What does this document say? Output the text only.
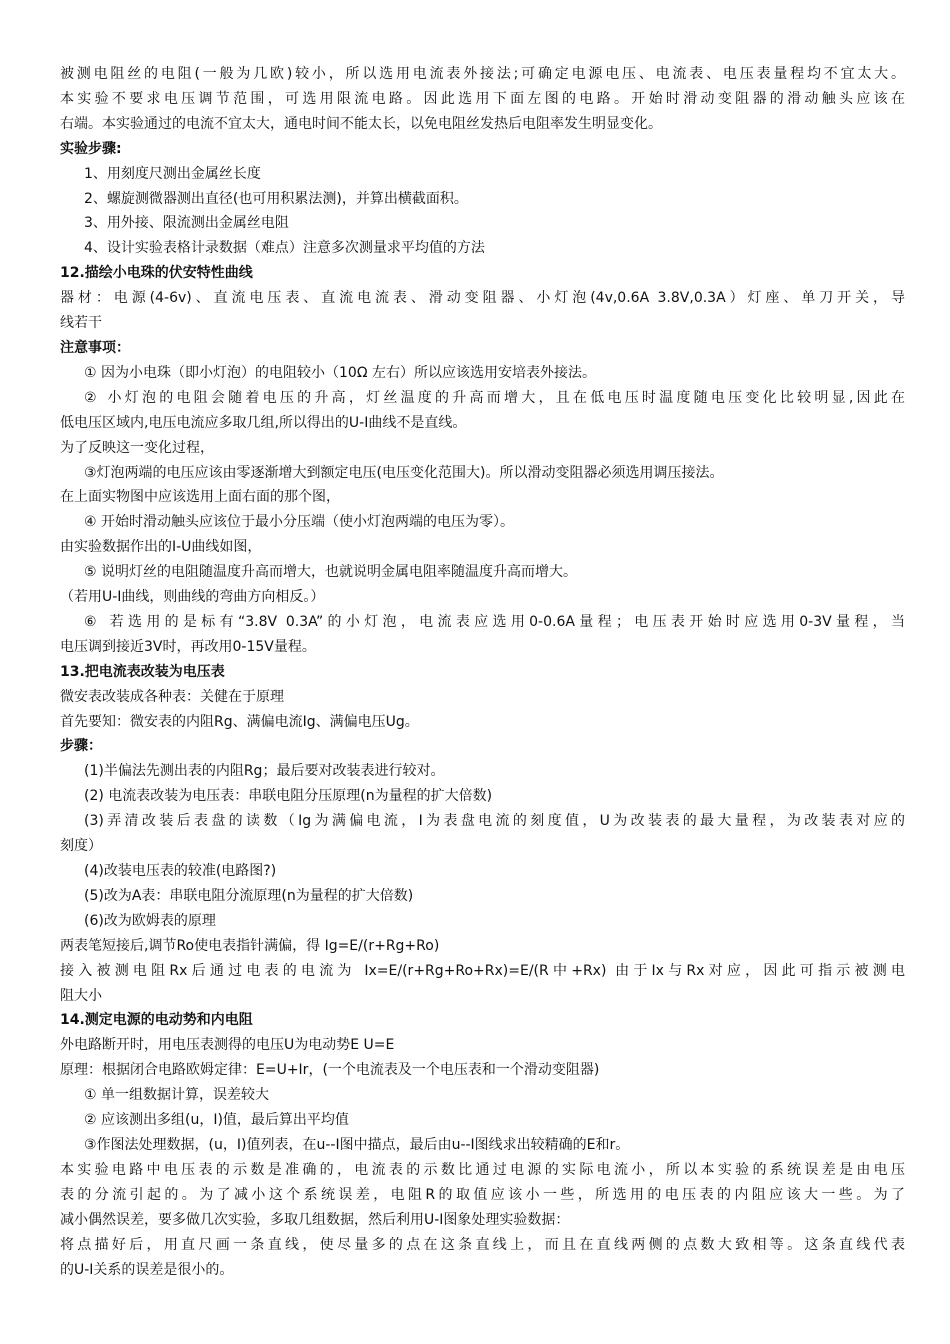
被测电阻丝的电阻(一般为几欧)较小，所以选用电流表外接法;可确定电源电压、电流表、电压表量程均不宜太大。

本实验不要求电压调节范围，可选用限流电路。因此选用下面左图的电路。开始时滑动变阻器的滑动触头应该在

右端。本实验通过的电流不宜太大，通电时间不能太长，以免电阻丝发热后电阻率发生明显变化。

实验步骤:

1、用刻度尺测出金属丝长度

2、螺旋测微器测出直径(也可用积累法测)，并算出横截面积。

3、用外接、限流测出金属丝电阻

4、设计实验表格计录数据（难点）注意多次测量求平均值的方法

12.描绘小电珠的伏安特性曲线

器材：电源(4-6v)、直流电压表、直流电流表、滑动变阻器、小灯泡(4v,0.6A 3.8V,0.3A）灯座、单刀开关，导

线若干

注意事项：

① 因为小电珠（即小灯泡）的电阻较小（10Ω 左右）所以应该选用安培表外接法。

② 小灯泡的电阻会随着电压的升高，灯丝温度的升高而增大，且在低电压时温度随电压变化比较明显,因此在

低电压区域内,电压电流应多取几组,所以得出的U-I曲线不是直线。

为了反映这一变化过程，

③灯泡两端的电压应该由零逐渐增大到额定电压(电压变化范围大)。所以滑动变阻器必须选用调压接法。

在上面实物图中应该选用上面右面的那个图，

④ 开始时滑动触头应该位于最小分压端（使小灯泡两端的电压为零）。

由实验数据作出的I-U曲线如图，

⑤ 说明灯丝的电阻随温度升高而增大，也就说明金属电阻率随温度升高而增大。

（若用U-I曲线，则曲线的弯曲方向相反。）

⑥ 若选用的是标有“3.8V 0.3A”的小灯泡，电流表应选用0-0.6A量程；电压表开始时应选用0-3V量程，当

电压调到接近3V时，再改用0-15V量程。

13.把电流表改装为电压表

微安表改装成各种表：关健在于原理

首先要知：微安表的内阻Rg、满偏电流Ig、满偏电压Ug。

步骤：

(1)半偏法先测出表的内阻Rg；最后要对改装表进行较对。

(2) 电流表改装为电压表：串联电阻分压原理(n为量程的扩大倍数)

(3)弄清改装后表盘的读数（Ig为满偏电流，I为表盘电流的刻度值，U为改装表的最大量程，为改装表对应的

刻度）

(4)改装电压表的较准(电路图?)

(5)改为A表：串联电阻分流原理(n为量程的扩大倍数)

(6)改为欧姆表的原理

两表笔短接后,调节Ro使电表指针满偏，得 Ig=E/(r+Rg+Ro)

接入被测电阻Rx后通过电表的电流为 Ix=E/(r+Rg+Ro+Rx)=E/(R中+Rx) 由于Ix与Rx对应，因此可指示被测电

阻大小

14.测定电源的电动势和内电阻

外电路断开时，用电压表测得的电压U为电动势E U=E

原理：根据闭合电路欧姆定律：E=U+Ir，(一个电流表及一个电压表和一个滑动变阻器)

① 单一组数据计算，误差较大

② 应该测出多组(u，I)值，最后算出平均值

③作图法处理数据，(u，I)值列表，在u--I图中描点，最后由u--I图线求出较精确的E和r。

本实验电路中电压表的示数是准确的，电流表的示数比通过电源的实际电流小，所以本实验的系统误差是由电压

表的分流引起的。为了减小这个系统误差，电阻R的取值应该小一些，所选用的电压表的内阻应该大一些。为了

减小偶然误差，要多做几次实验，多取几组数据，然后利用U-I图象处理实验数据：

将点描好后，用直尺画一条直线，使尽量多的点在这条直线上，而且在直线两侧的点数大致相等。这条直线代表

的U-I关系的误差是很小的。
